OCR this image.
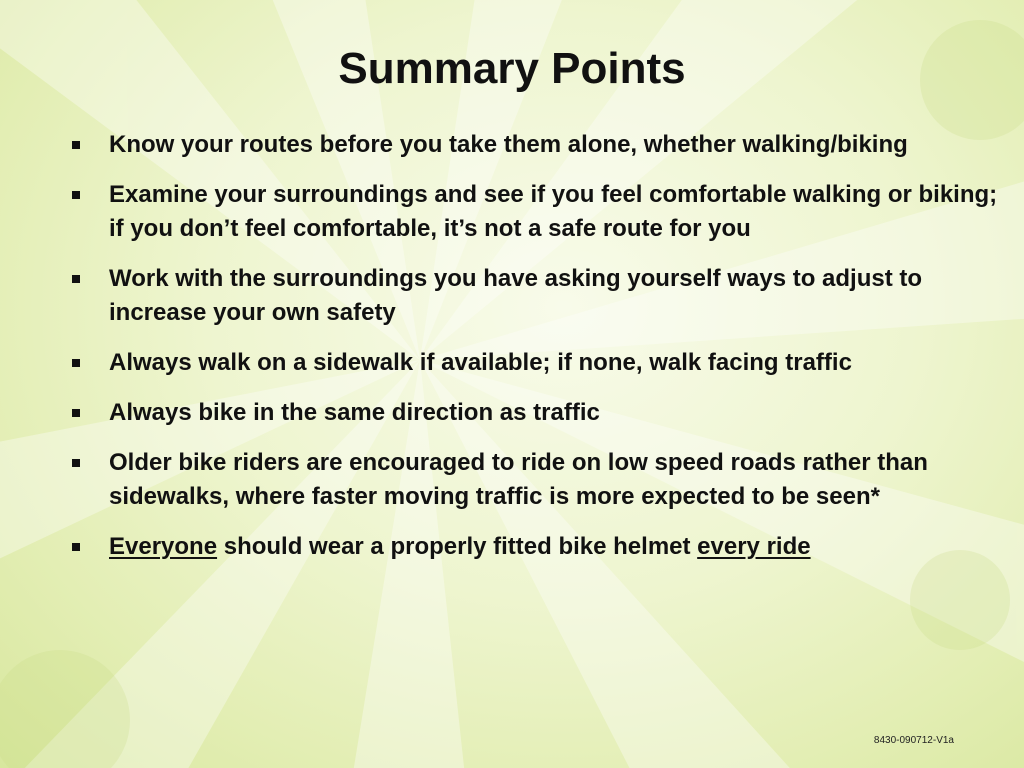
Summary Points
Know your routes before you take them alone, whether walking/biking
Examine your surroundings and see if you feel comfortable walking or biking; if you don’t feel comfortable, it’s not a safe route for you
Work with the surroundings you have asking yourself ways to adjust to increase your own safety
Always walk on a sidewalk if available; if none, walk facing traffic
Always bike in the same direction as traffic
Older bike riders are encouraged to ride on low speed roads rather than sidewalks, where faster moving traffic is more expected to be seen*
Everyone should wear a properly fitted bike helmet every ride
8430-090712-V1a
